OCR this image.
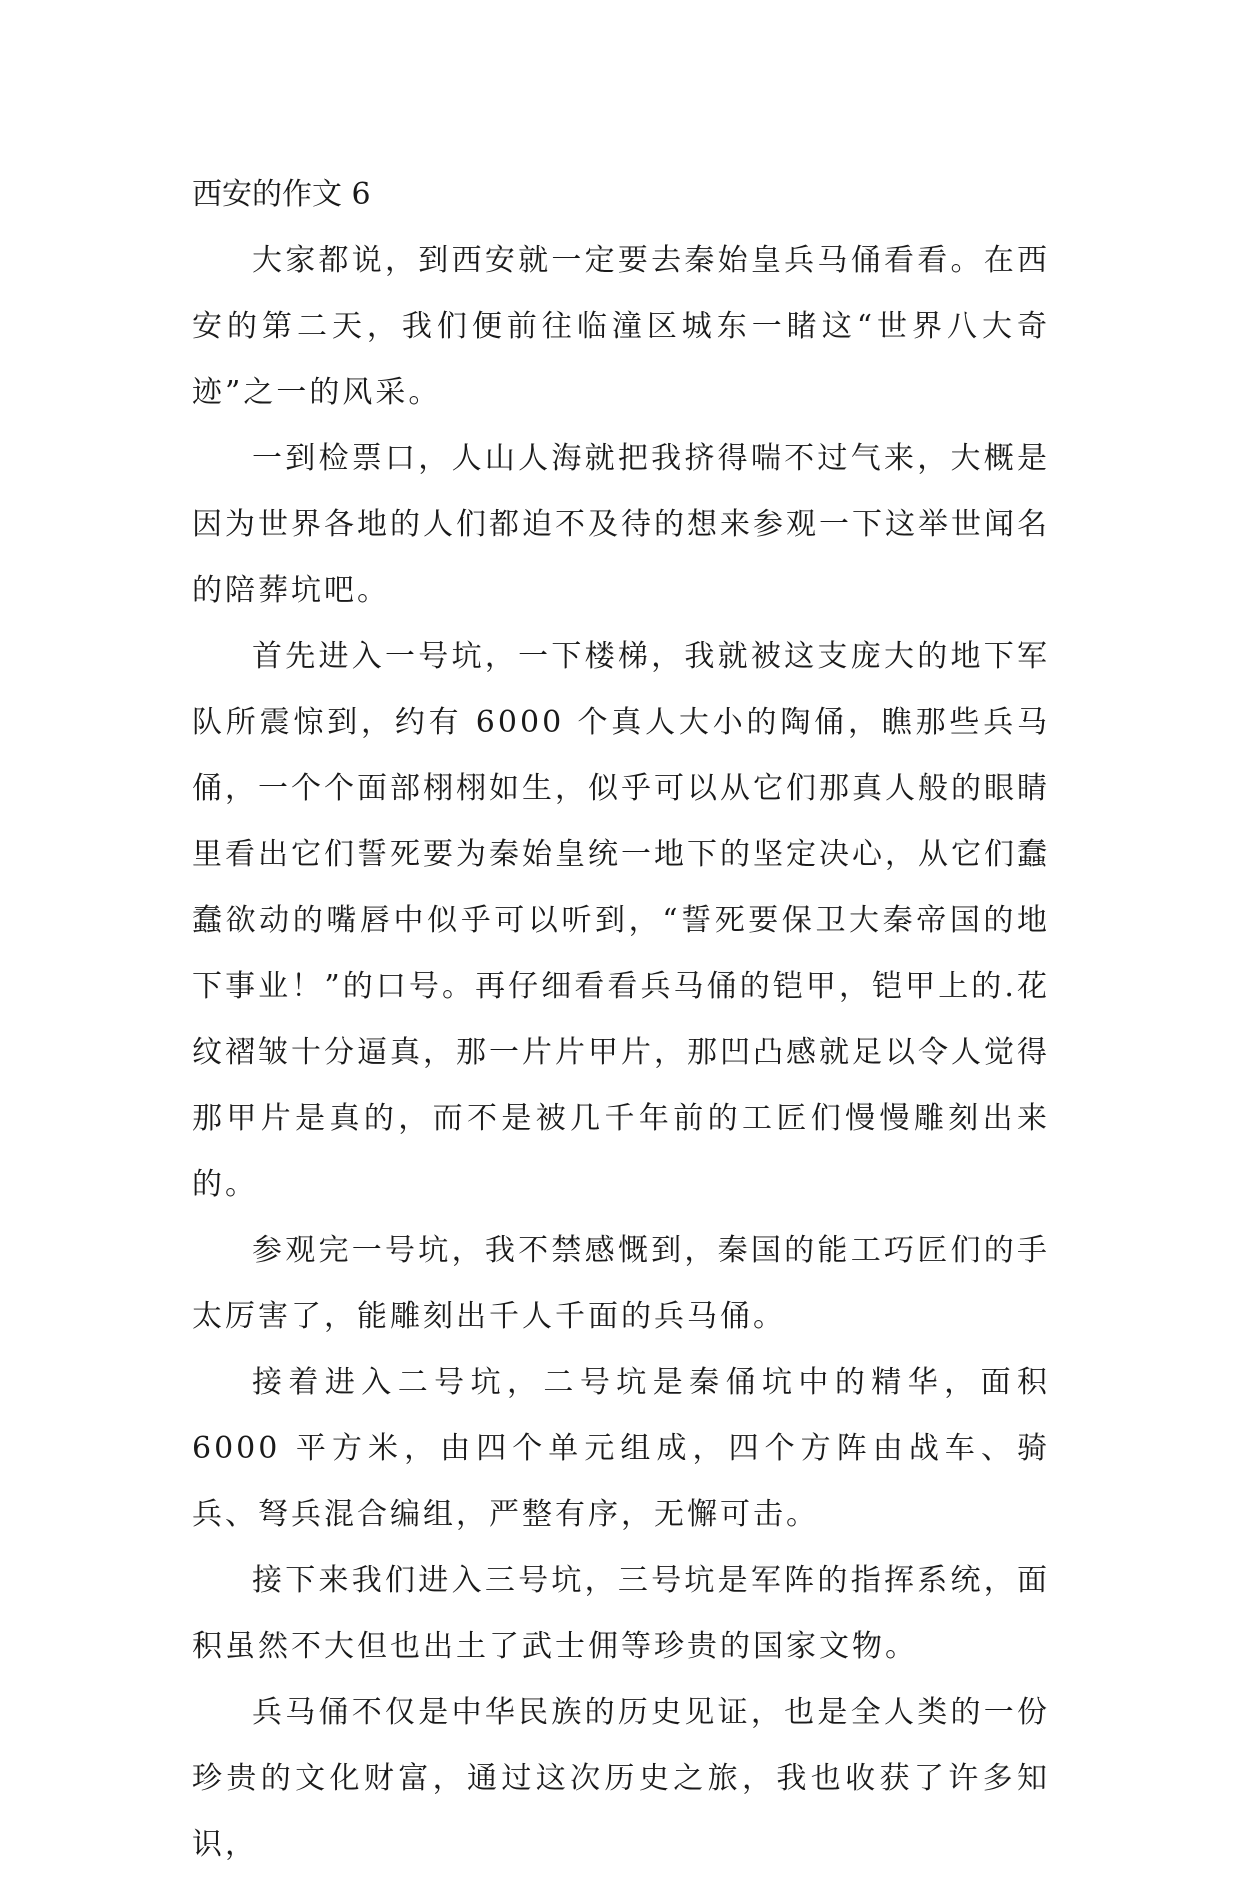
西安的作文 6

大家都说，到西安就一定要去秦始皇兵马俑看看。在西安的第二天，我们便前往临潼区城东一睹这“世界八大奇迹”之一的风采。

一到检票口，人山人海就把我挤得喘不过气来，大概是因为世界各地的人们都迫不及待的想来参观一下这举世闻名的陪葬坑吧。

首先进入一号坑，一下楼梯，我就被这支庞大的地下军队所震惊到，约有 6000 个真人大小的陶俑，瞧那些兵马俑，一个个面部栩栩如生，似乎可以从它们那真人般的眼睛里看出它们誓死要为秦始皇统一地下的坚定决心，从它们蠢蠢欲动的嘴唇中似乎可以听到，“誓死要保卫大秦帝国的地下事业！”的口号。再仔细看看兵马俑的铠甲，铠甲上的.花纹褶皱十分逼真，那一片片甲片，那凹凸感就足以令人觉得那甲片是真的，而不是被几千年前的工匠们慢慢雕刻出来的。

参观完一号坑，我不禁感慨到，秦国的能工巧匠们的手太厉害了，能雕刻出千人千面的兵马俑。

接着进入二号坑，二号坑是秦俑坑中的精华，面积 6000 平方米，由四个单元组成，四个方阵由战车、骑兵、弩兵混合编组，严整有序，无懈可击。

接下来我们进入三号坑，三号坑是军阵的指挥系统，面积虽然不大但也出土了武士佣等珍贵的国家文物。

兵马俑不仅是中华民族的历史见证，也是全人类的一份珍贵的文化财富，通过这次历史之旅，我也收获了许多知识，
